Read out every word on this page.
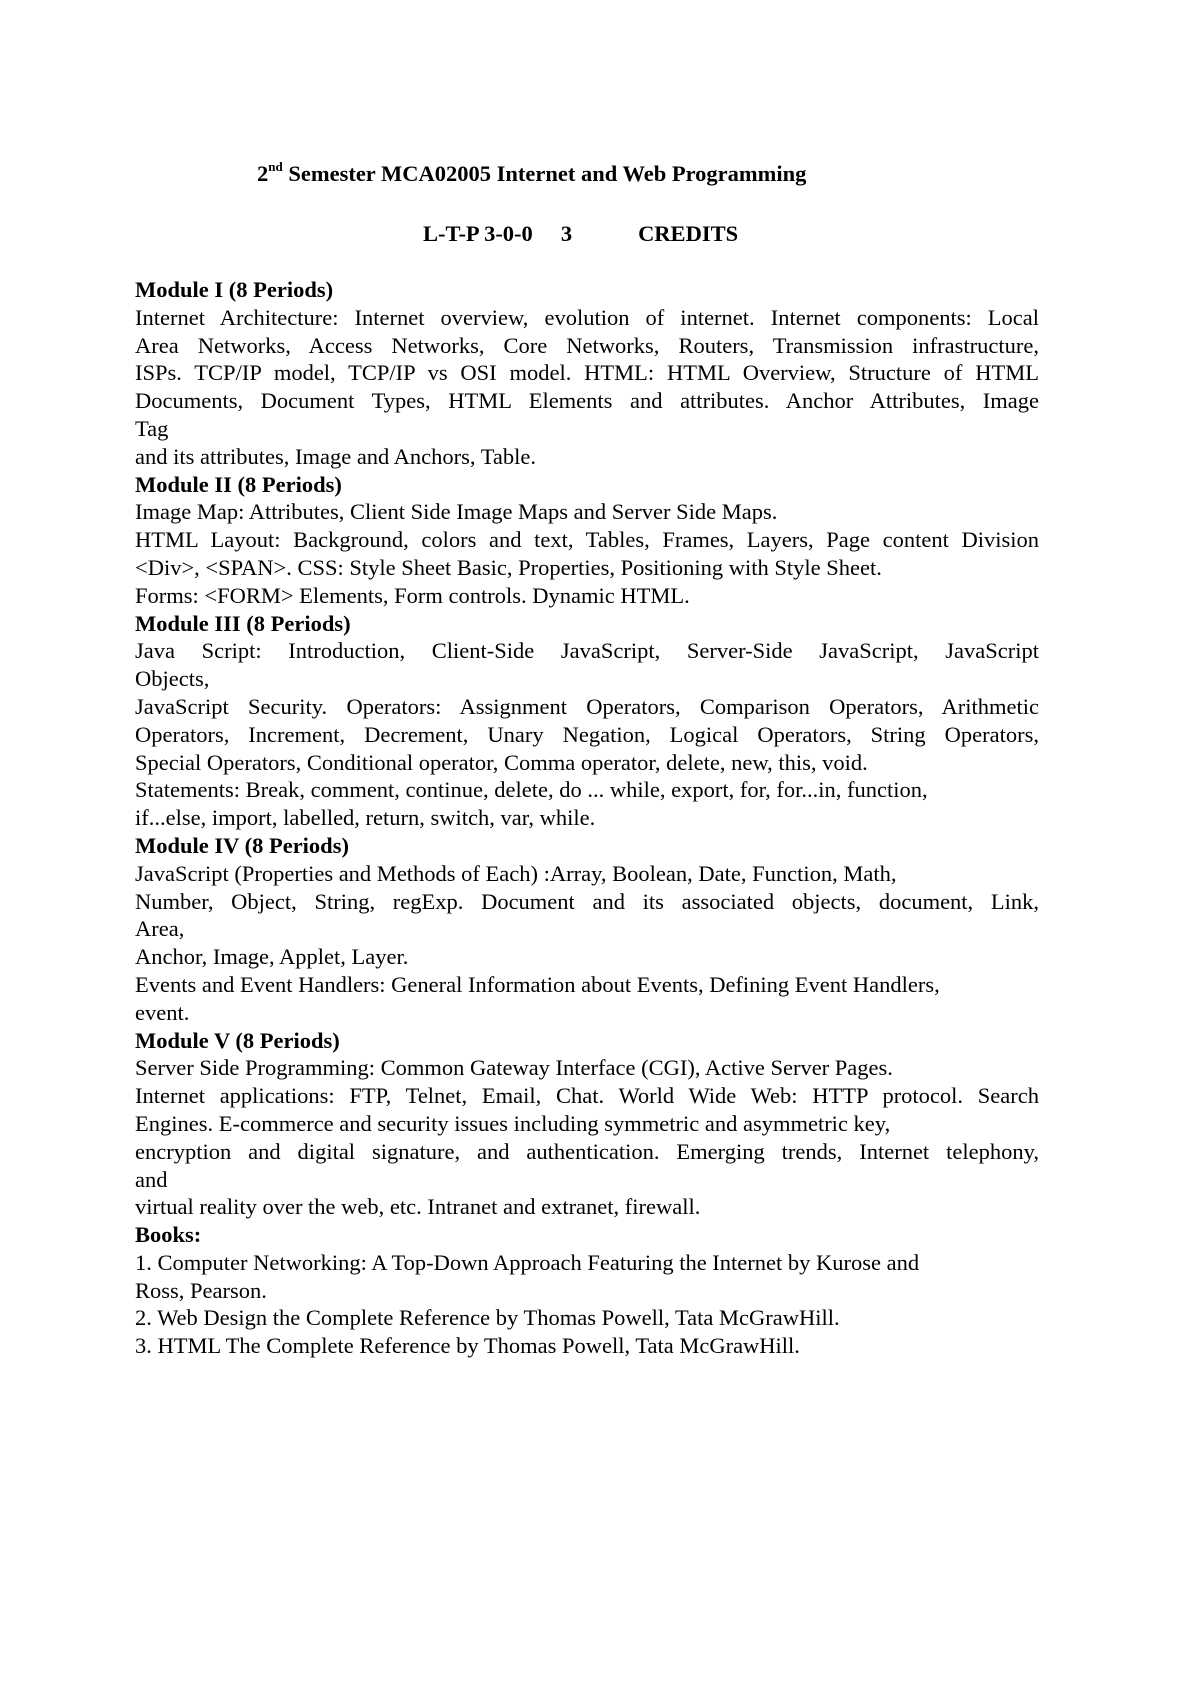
2nd Semester MCA02005 Internet and Web Programming
L-T-P 3-0-0 3	CREDITS
Module I (8 Periods)
Internet Architecture: Internet overview, evolution of internet. Internet components: Local
Area Networks, Access Networks, Core Networks, Routers, Transmission infrastructure,
ISPs. TCP/IP model, TCP/IP vs OSI model. HTML: HTML Overview, Structure of HTML
Documents, Document Types, HTML Elements and attributes. Anchor Attributes, Image
Tag
and its attributes, Image and Anchors, Table.
Module II (8 Periods)
Image Map: Attributes, Client Side Image Maps and Server Side Maps.
HTML Layout: Background, colors and text, Tables, Frames, Layers, Page content Division
<Div>, <SPAN>. CSS: Style Sheet Basic, Properties, Positioning with Style Sheet.
Forms: <FORM> Elements, Form controls. Dynamic HTML.
Module III (8 Periods)
Java Script: Introduction, Client-Side JavaScript, Server-Side JavaScript, JavaScript
Objects,
JavaScript Security. Operators: Assignment Operators, Comparison Operators, Arithmetic
Operators, Increment, Decrement, Unary Negation, Logical Operators, String Operators,
Special Operators, Conditional operator, Comma operator, delete, new, this, void.
Statements: Break, comment, continue, delete, do ... while, export, for, for...in, function,
if...else, import, labelled, return, switch, var, while.
Module IV (8 Periods)
JavaScript (Properties and Methods of Each) :Array, Boolean, Date, Function, Math,
Number, Object, String, regExp. Document and its associated objects, document, Link,
Area,
Anchor, Image, Applet, Layer.
Events and Event Handlers: General Information about Events, Defining Event Handlers,
event.
Module V (8 Periods)
Server Side Programming: Common Gateway Interface (CGI), Active Server Pages.
Internet applications: FTP, Telnet, Email, Chat. World Wide Web: HTTP protocol. Search
Engines. E-commerce and security issues including symmetric and asymmetric key,
encryption and digital signature, and authentication. Emerging trends, Internet telephony,
and
virtual reality over the web, etc. Intranet and extranet, firewall.
Books:
1. Computer Networking: A Top-Down Approach Featuring the Internet by Kurose and
Ross, Pearson.
2. Web Design the Complete Reference by Thomas Powell, Tata McGrawHill.
3. HTML The Complete Reference by Thomas Powell, Tata McGrawHill.
